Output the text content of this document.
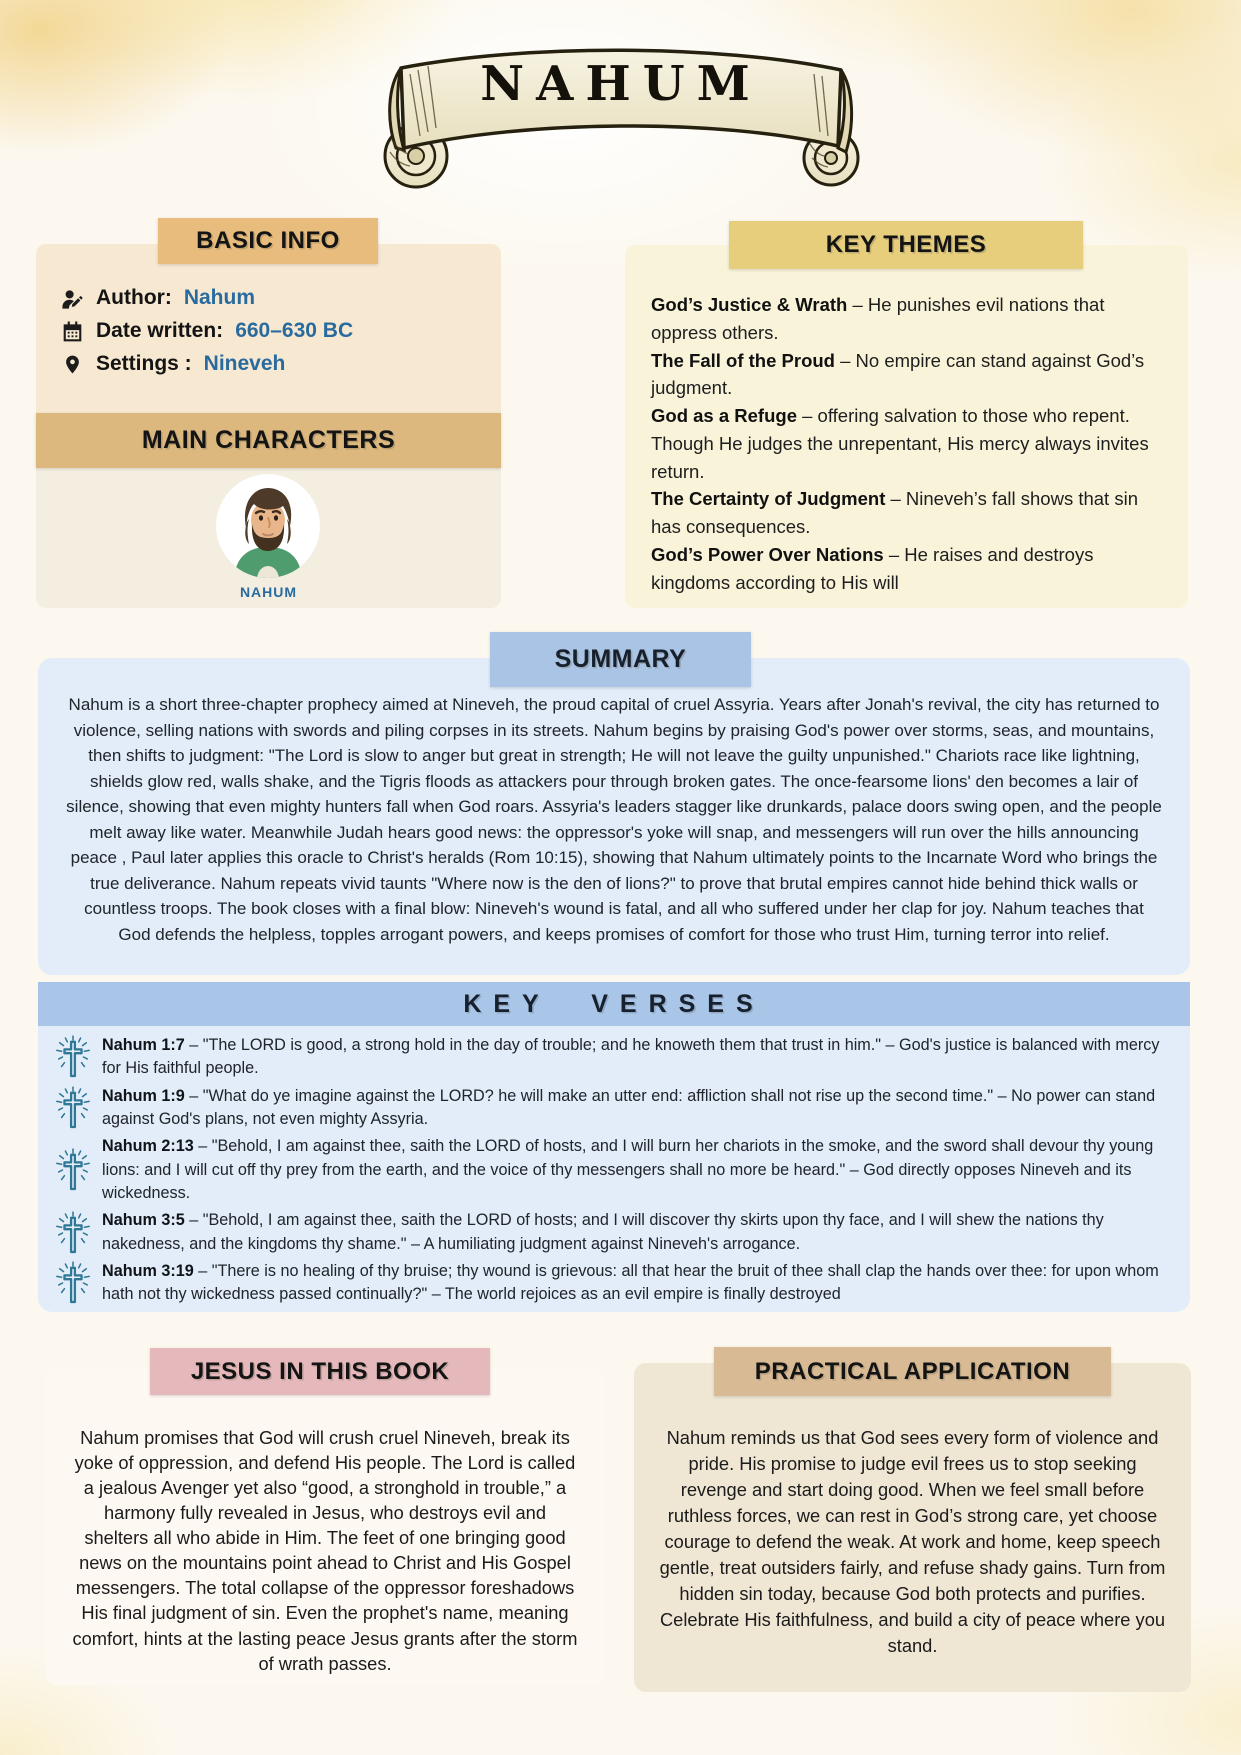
NAHUM
BASIC INFO
Author: Nahum
Date written: 660–630 BC
Settings : Nineveh
MAIN CHARACTERS
NAHUM
KEY THEMES

God’s Justice & Wrath – He punishes evil nations that oppress others.

The Fall of the Proud – No empire can stand against God’s judgment.

God as a Refuge – offering salvation to those who repent. Though He judges the unrepentant, His mercy always invites return.

The Certainty of Judgment – Nineveh’s fall shows that sin has consequences.

God’s Power Over Nations – He raises and destroys kingdoms according to His will

SUMMARY

Nahum is a short three-chapter prophecy aimed at Nineveh, the proud capital of cruel Assyria. Years after Jonah's revival, the city has returned to violence, selling nations with swords and piling corpses in its streets. Nahum begins by praising God's power over storms, seas, and mountains, then shifts to judgment: "The Lord is slow to anger but great in strength; He will not leave the guilty unpunished." Chariots race like lightning, shields glow red, walls shake, and the Tigris floods as attackers pour through broken gates. The once-fearsome lions' den becomes a lair of silence, showing that even mighty hunters fall when God roars. Assyria's leaders stagger like drunkards, palace doors swing open, and the people melt away like water. Meanwhile Judah hears good news: the oppressor's yoke will snap, and messengers will run over the hills announcing peace , Paul later applies this oracle to Christ's heralds (Rom 10:15), showing that Nahum ultimately points to the Incarnate Word who brings the true deliverance. Nahum repeats vivid taunts "Where now is the den of lions?" to prove that brutal empires cannot hide behind thick walls or countless troops. The book closes with a final blow: Nineveh's wound is fatal, and all who suffered under her clap for joy. Nahum teaches that God defends the helpless, topples arrogant powers, and keeps promises of comfort for those who trust Him, turning terror into relief.

KEY VERSES

Nahum 1:7 – "The LORD is good, a strong hold in the day of trouble; and he knoweth them that trust in him." – God's justice is balanced with mercy for His faithful people.

Nahum 1:9 – "What do ye imagine against the LORD? he will make an utter end: affliction shall not rise up the second time." – No power can stand against God's plans, not even mighty Assyria.

Nahum 2:13 – "Behold, I am against thee, saith the LORD of hosts, and I will burn her chariots in the smoke, and the sword shall devour thy young lions: and I will cut off thy prey from the earth, and the voice of thy messengers shall no more be heard." – God directly opposes Nineveh and its wickedness.

Nahum 3:5 – "Behold, I am against thee, saith the LORD of hosts; and I will discover thy skirts upon thy face, and I will shew the nations thy nakedness, and the kingdoms thy shame." – A humiliating judgment against Nineveh's arrogance.

Nahum 3:19 – "There is no healing of thy bruise; thy wound is grievous: all that hear the bruit of thee shall clap the hands over thee: for upon whom hath not thy wickedness passed continually?" – The world rejoices as an evil empire is finally destroyed

Nahum promises that God will crush cruel Nineveh, break its yoke of oppression, and defend His people. The Lord is called a jealous Avenger yet also “good, a stronghold in trouble,” a harmony fully revealed in Jesus, who destroys evil and shelters all who abide in Him. The feet of one bringing good news on the mountains point ahead to Christ and His Gospel messengers. The total collapse of the oppressor foreshadows His final judgment of sin. Even the prophet's name, meaning comfort, hints at the lasting peace Jesus grants after the storm of wrath passes.

JESUS IN THIS BOOK

Nahum reminds us that God sees every form of violence and pride. His promise to judge evil frees us to stop seeking revenge and start doing good. When we feel small before ruthless forces, we can rest in God’s strong care, yet choose courage to defend the weak. At work and home, keep speech gentle, treat outsiders fairly, and refuse shady gains. Turn from hidden sin today, because God both protects and purifies. Celebrate His faithfulness, and build a city of peace where you stand.

PRACTICAL APPLICATION
